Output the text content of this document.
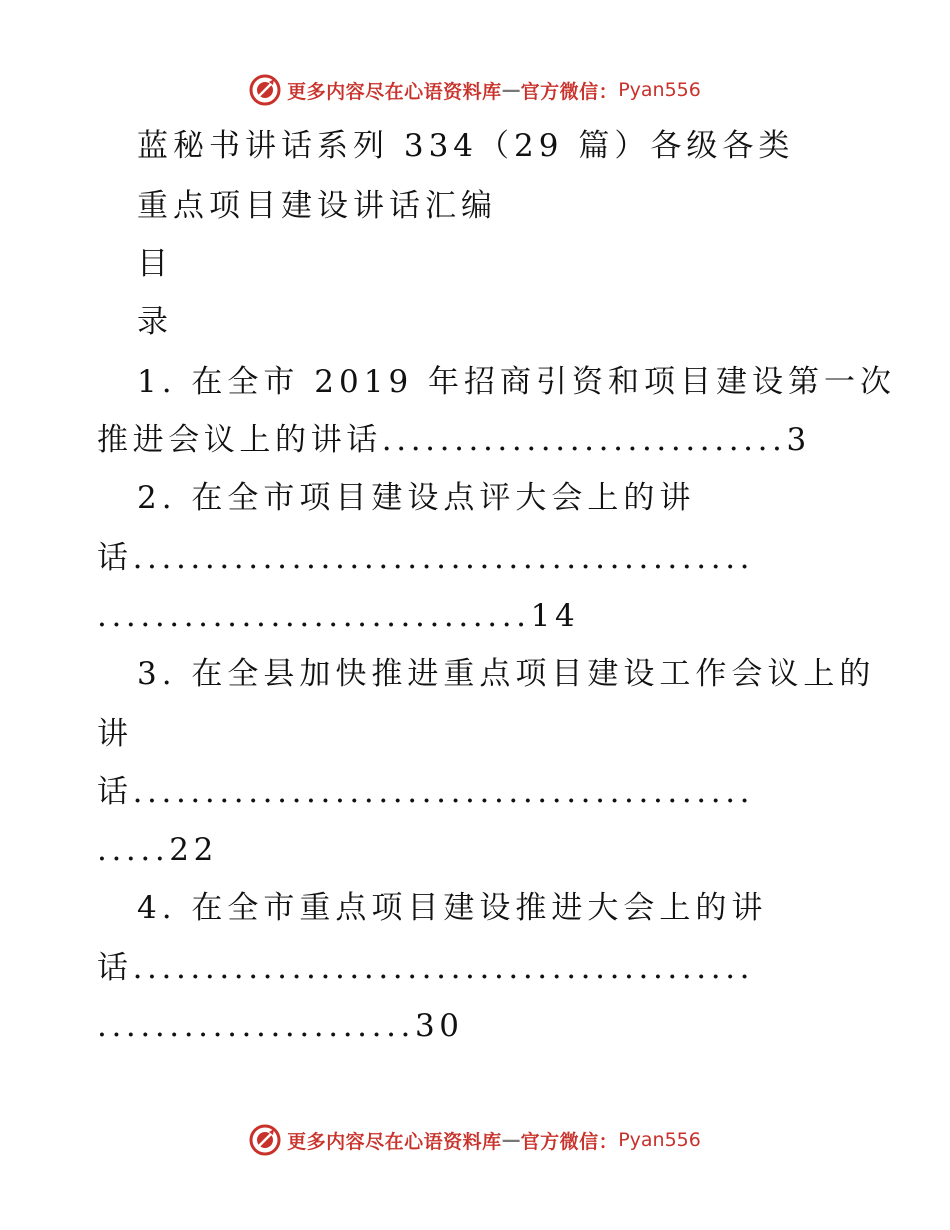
更多内容尽在心语资料库 — 官方微信： Pyan556
蓝秘书讲话系列 334（29 篇）各级各类
重点项目建设讲话汇编
目
录
1. 在全市 2019 年招商引资和项目建设第一次
推进会议上的讲话............................3
2. 在全市项目建设点评大会上的讲
话...........................................
..............................14
3. 在全县加快推进重点项目建设工作会议上的
讲
话...........................................
.....22
4. 在全市重点项目建设推进大会上的讲
话...........................................
......................30
更多内容尽在心语资料库 — 官方微信： Pyan556
